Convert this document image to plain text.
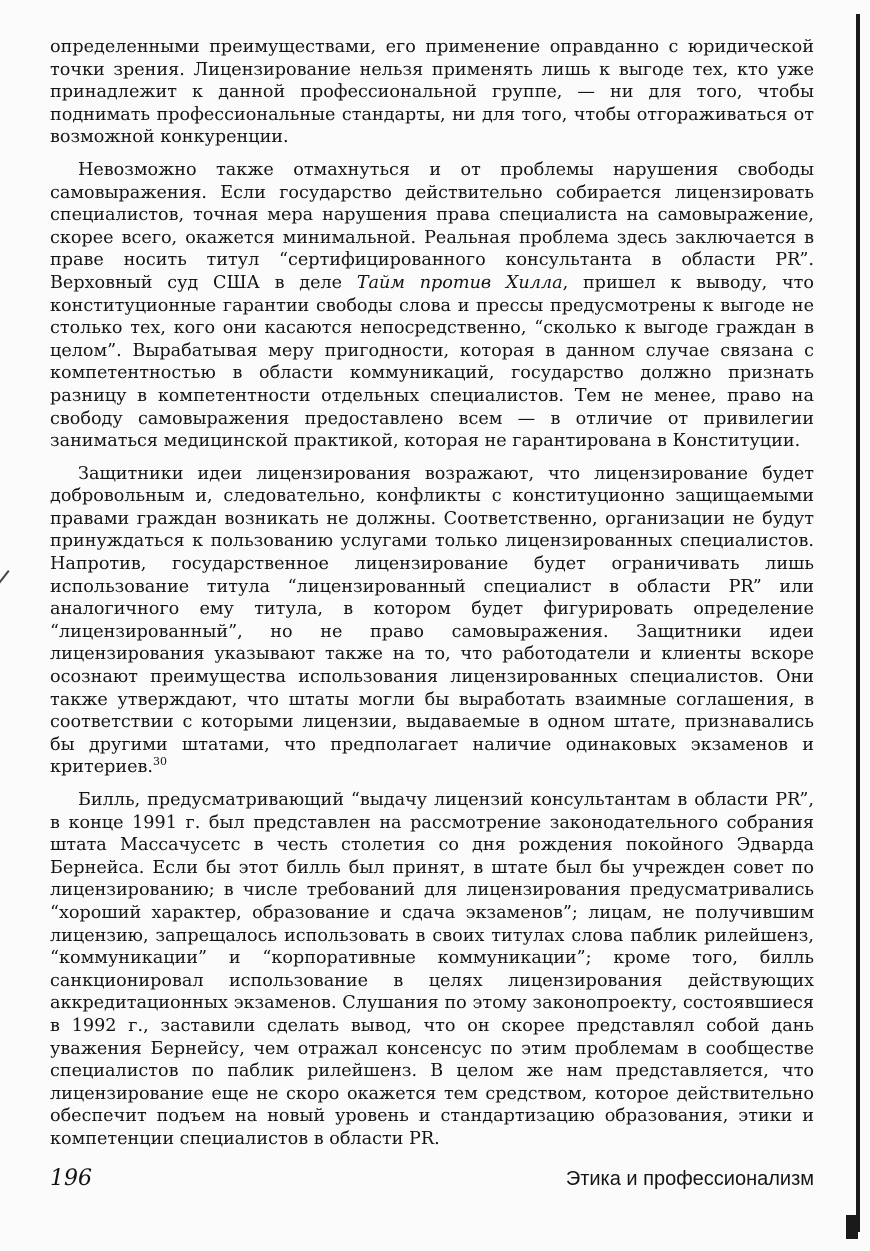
определенными преимуществами, его применение оправданно с юридической точки зрения. Лицензирование нельзя применять лишь к выгоде тех, кто уже принадлежит к данной профессиональной группе, — ни для того, чтобы поднимать профессиональные стандарты, ни для того, чтобы отгораживаться от возможной конкуренции.

Невозможно также отмахнуться и от проблемы нарушения свободы самовыражения. Если государство действительно собирается лицензировать специалистов, точная мера нарушения права специалиста на самовыражение, скорее всего, окажется минимальной. Реальная проблема здесь заключается в праве носить титул “сертифицированного консультанта в области PR”. Верховный суд США в деле Тайм против Хилла, пришел к выводу, что конституционные гарантии свободы слова и прессы предусмотрены к выгоде не столько тех, кого они касаются непосредственно, “сколько к выгоде граждан в целом”. Вырабатывая меру пригодности, которая в данном случае связана с компетентностью в области коммуникаций, государство должно признать разницу в компетентности отдельных специалистов. Тем не менее, право на свободу самовыражения предоставлено всем — в отличие от привилегии заниматься медицинской практикой, которая не гарантирована в Конституции.

Защитники идеи лицензирования возражают, что лицензирование будет добровольным и, следовательно, конфликты с конституционно защищаемыми правами граждан возникать не должны. Соответственно, организации не будут принуждаться к пользованию услугами только лицензированных специалистов. Напротив, государственное лицензирование будет ограничивать лишь использование титула “лицензированный специалист в области PR” или аналогичного ему титула, в котором будет фигурировать определение “лицензированный”, но не право самовыражения. Защитники идеи лицензирования указывают также на то, что работодатели и клиенты вскоре осознают преимущества использования лицензированных специалистов. Они также утверждают, что штаты могли бы выработать взаимные соглашения, в соответствии с которыми лицензии, выдаваемые в одном штате, признавались бы другими штатами, что предполагает наличие одинаковых экзаменов и критериев.$^{30}$

Билль, предусматривающий “выдачу лицензий консультантам в области PR”, в конце 1991 г. был представлен на рассмотрение законодательного собрания штата Массачусетс в честь столетия со дня рождения покойного Эдварда Бернейса. Если бы этот билль был принят, в штате был бы учрежден совет по лицензированию; в числе требований для лицензирования предусматривались “хороший характер, образование и сдача экзаменов”; лицам, не получившим лицензию, запрещалось использовать в своих титулах слова паблик рилейшенз, “коммуникации” и “корпоративные коммуникации”; кроме того, билль санкционировал использование в целях лицензирования действующих аккредитационных экзаменов. Слушания по этому законопроекту, состоявшиеся в 1992 г., заставили сделать вывод, что он скорее представлял собой дань уважения Бернейсу, чем отражал консенсус по этим проблемам в сообществе специалистов по паблик рилейшенз. В целом же нам представляется, что лицензирование еще не скоро окажется тем средством, которое действительно обеспечит подъем на новый уровень и стандартизацию образования, этики и компетенции специалистов в области PR.

196	Этика и профессионализм
